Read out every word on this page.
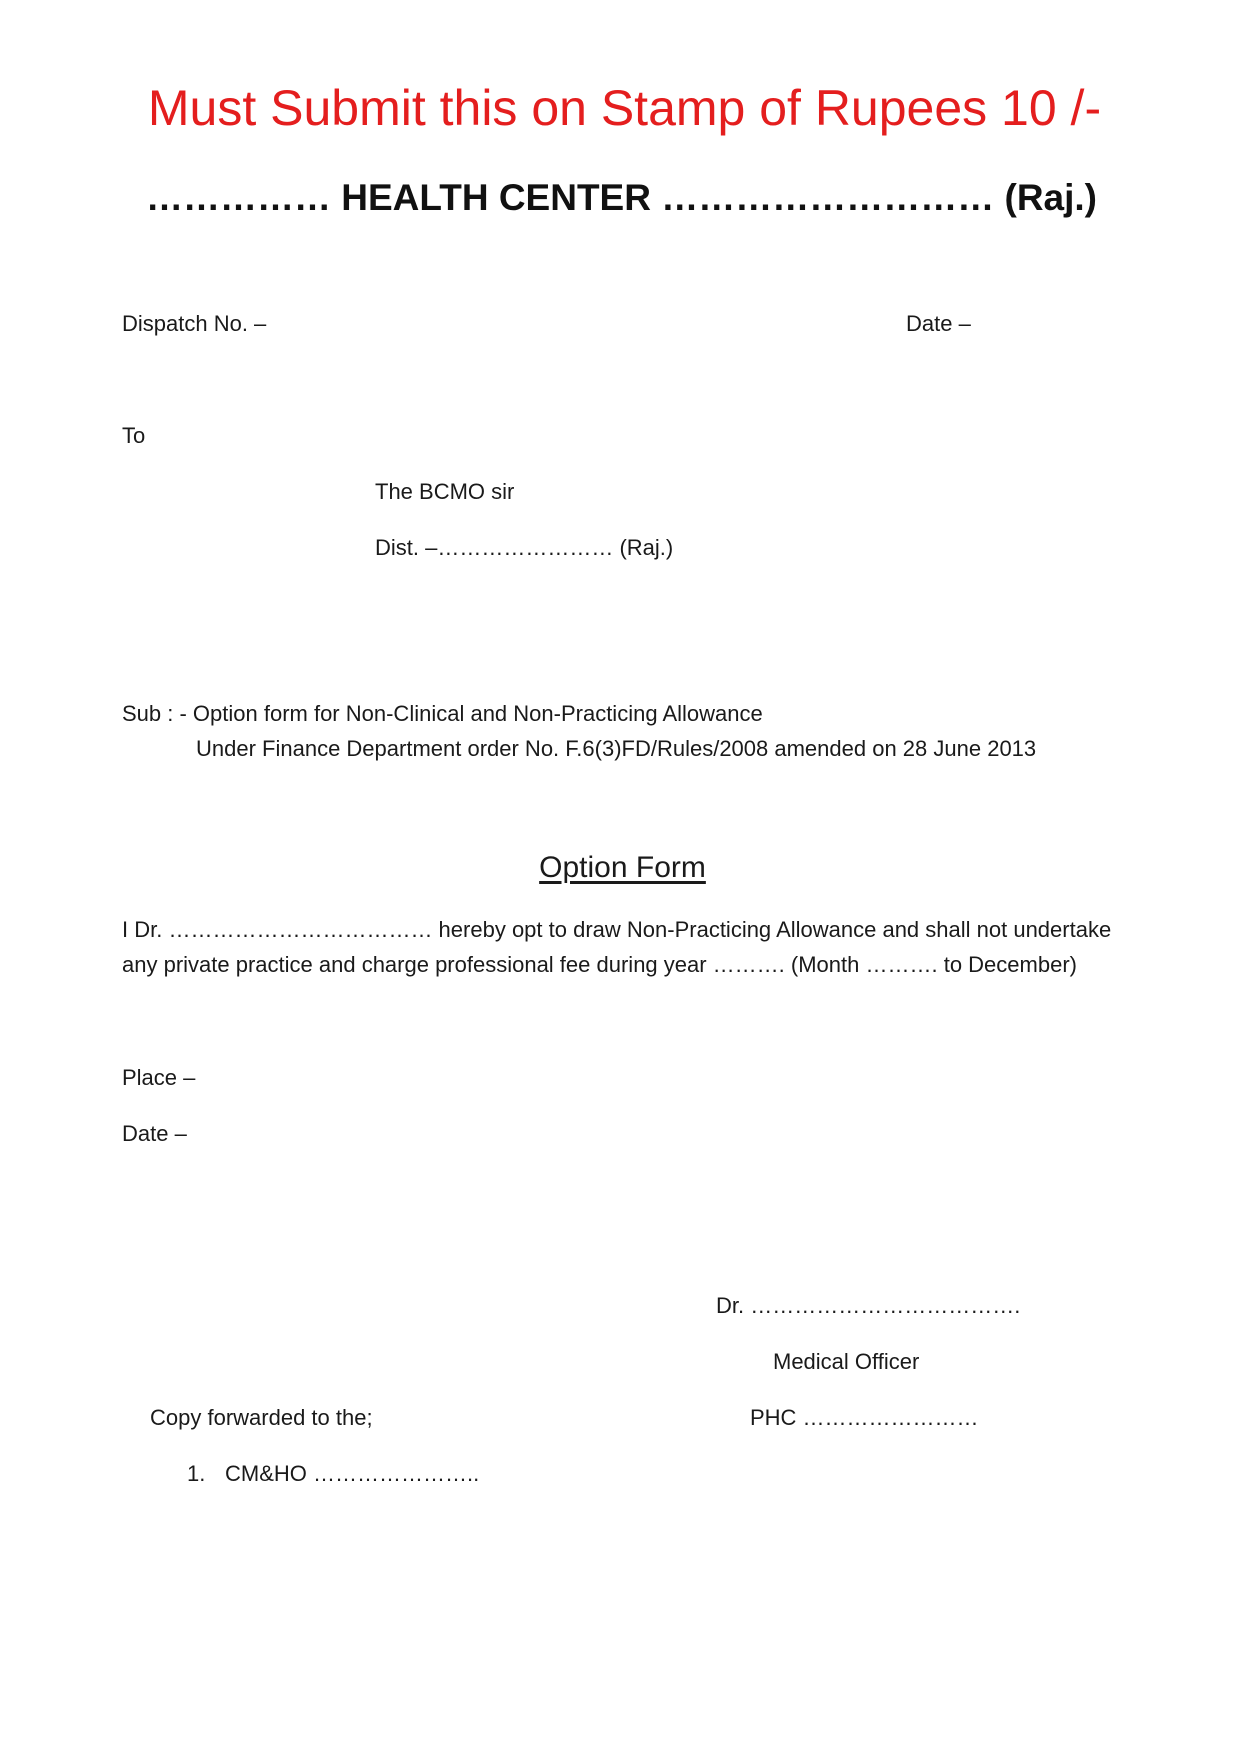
Must Submit this on Stamp of Rupees 10 /-
…………… HEALTH CENTER ……………………… (Raj.)
Dispatch No. –	Date –
To
The BCMO sir
Dist. –…………………… (Raj.)
Sub : - Option form for Non-Clinical and Non-Practicing Allowance
Under Finance Department order No. F.6(3)FD/Rules/2008 amended on 28 June 2013
Option Form
I Dr. ……………………………… hereby opt to draw Non-Practicing Allowance and shall not undertake
any private practice and charge professional fee during year ………. (Month ………. to December)
Place –
Date –
Dr. ……………………………….
Medical Officer
PHC ……………………
Copy forwarded to the;
1. CM&HO …………………..
